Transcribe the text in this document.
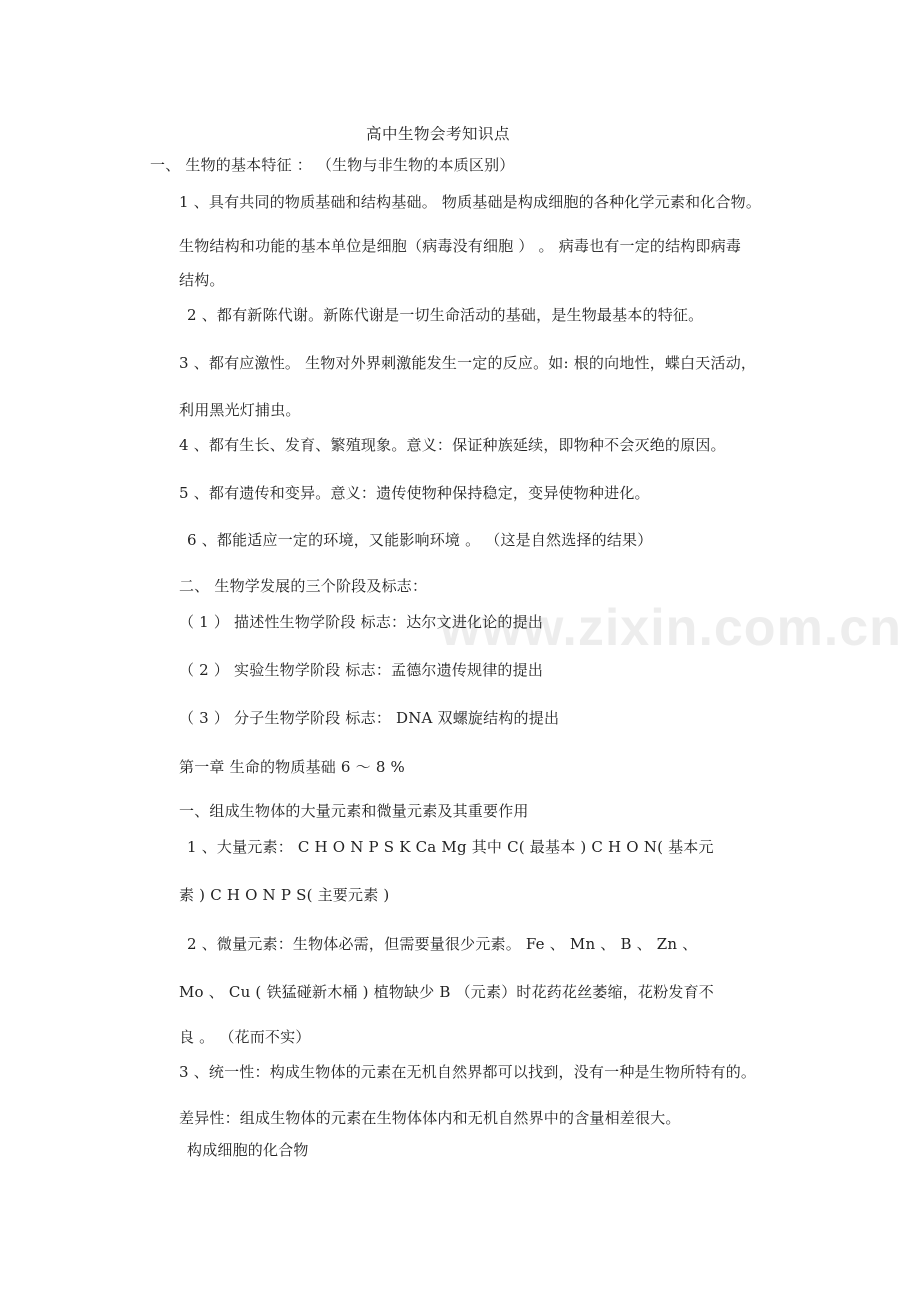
www.zixin.com.cn
高中生物会考知识点
一、 生物的基本特征 ： （生物与非生物的本质区别）
1 、具有共同的物质基础和结构基础。 物质基础是构成细胞的各种化学元素和化合物。
生物结构和功能的基本单位是细胞（病毒没有细胞 ） 。 病毒也有一定的结构即病毒
结构。
2 、都有新陈代谢。新陈代谢是一切生命活动的基础，是生物最基本的特征。
3 、都有应激性。 生物对外界刺激能发生一定的反应。如: 根的向地性，蝶白天活动，
利用黑光灯捕虫。
4 、都有生长、发育、繁殖现象。意义：保证种族延续，即物种不会灭绝的原因。
5 、都有遗传和变异。意义：遗传使物种保持稳定，变异使物种进化。
6 、都能适应一定的环境，又能影响环境 。 （这是自然选择的结果）
二、 生物学发展的三个阶段及标志：
（ 1 ） 描述性生物学阶段 标志：达尔文进化论的提出
（ 2 ） 实验生物学阶段 标志：孟德尔遗传规律的提出
（ 3 ） 分子生物学阶段 标志： DNA 双螺旋结构的提出
第一章 生命的物质基础 6 ～ 8 %
一、组成生物体的大量元素和微量元素及其重要作用
1 、大量元素： C H O N P S K Ca Mg 其中 C( 最基本 ) C H O N( 基本元
素 ) C H O N P S( 主要元素 )
2 、微量元素：生物体必需，但需要量很少元素。 Fe 、 Mn 、 B 、 Zn 、
Mo 、 Cu ( 铁猛碰新木桶 ) 植物缺少 B （元素）时花药花丝萎缩，花粉发育不
良 。 （花而不实）
3 、统一性：构成生物体的元素在无机自然界都可以找到，没有一种是生物所特有的。
差异性：组成生物体的元素在生物体体内和无机自然界中的含量相差很大。
构成细胞的化合物
